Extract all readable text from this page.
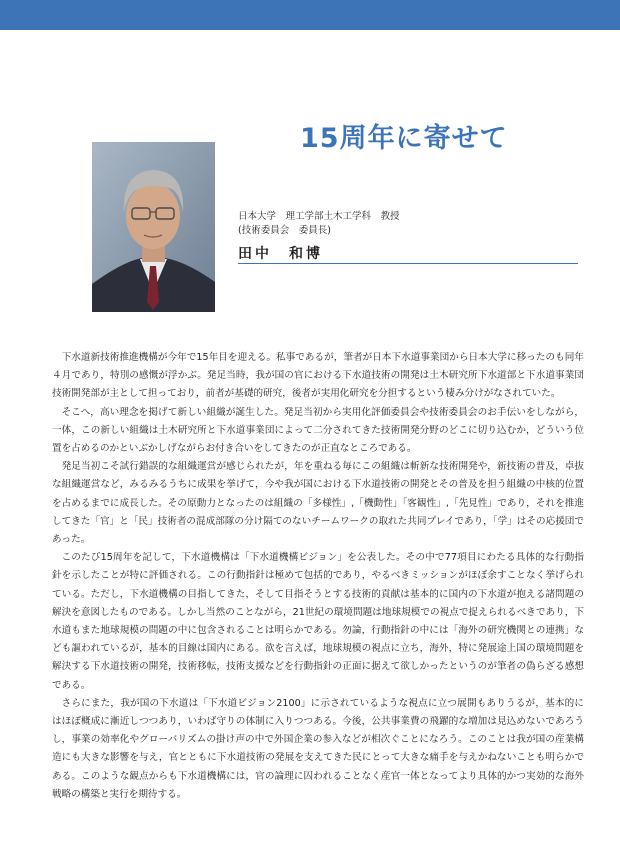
15周年に寄せて
日本大学　理工学部土木工学科　教授
(技術委員会　委員長)
田中　和博

下水道新技術推進機構が今年で15年目を迎える。私事であるが，筆者が日本下水道事業団から日本大学に移ったのも同年４月であり，特別の感慨が浮かぶ。発足当時，我が国の官における下水道技術の開発は土木研究所下水道部と下水道事業団技術開発部が主として担っており，前者が基礎的研究，後者が実用化研究を分担するという棲み分けがなされていた。

そこへ，高い理念を掲げて新しい組織が誕生した。発足当初から実用化評価委員会や技術委員会のお手伝いをしながら，一体，この新しい組織は土木研究所と下水道事業団によって二分されてきた技術開発分野のどこに切り込むか，どういう位置を占めるのかといぶかしげながらお付き合いをしてきたのが正直なところである。

発足当初こそ試行錯誤的な組織運営が感じられたが，年を重ねる毎にこの組織は斬新な技術開発や，新技術の普及，卓抜な組織運営など，みるみるうちに成果を挙げて，今や我が国における下水道技術の開発とその普及を担う組織の中核的位置を占めるまでに成長した。その原動力となったのは組織の「多様性」,「機動性」「客観性」,「先見性」であり，それを推進してきた「官」と「民」技術者の混成部隊の分け隔てのないチームワークの取れた共同プレイであり，「学」はその応援団であった。

このたび15周年を記して，下水道機構は「下水道機構ビジョン」を公表した。その中で77項目にわたる具体的な行動指針を示したことが特に評価される。この行動指針は極めて包括的であり，やるべきミッションがほぼ余すことなく挙げられている。ただし，下水道機構の目指してきた，そして目指そうとする技術的貢献は基本的に国内の下水道が抱える諸問題の解決を意図したものである。しかし当然のことながら，21世紀の環境問題は地球規模での視点で捉えられるべきであり，下水道もまた地球規模の問題の中に包含されることは明らかである。勿論，行動指針の中には「海外の研究機関との連携」なども謳われているが，基本的目線は国内にある。欲を言えば，地球規模の視点に立ち，海外，特に発展途上国の環境問題を解決する下水道技術の開発，技術移転，技術支援などを行動指針の正面に据えて欲しかったというのが筆者の偽らざる感想である。

さらにまた，我が国の下水道は「下水道ビジョン2100」に示されているような視点に立つ展開もありうるが，基本的にはほぼ概成に漸近しつつあり，いわば守りの体制に入りつつある。今後，公共事業費の飛躍的な増加は見込めないであろうし，事業の効率化やグローバリズムの掛け声の中で外国企業の参入などが相次ぐことになろう。このことは我が国の産業構造にも大きな影響を与え，官とともに下水道技術の発展を支えてきた民にとって大きな痛手を与えかねないことも明らかである。このような観点からも下水道機構には，官の論理に囚われることなく産官一体となってより具体的かつ実効的な海外戦略の構築と実行を期待する。
